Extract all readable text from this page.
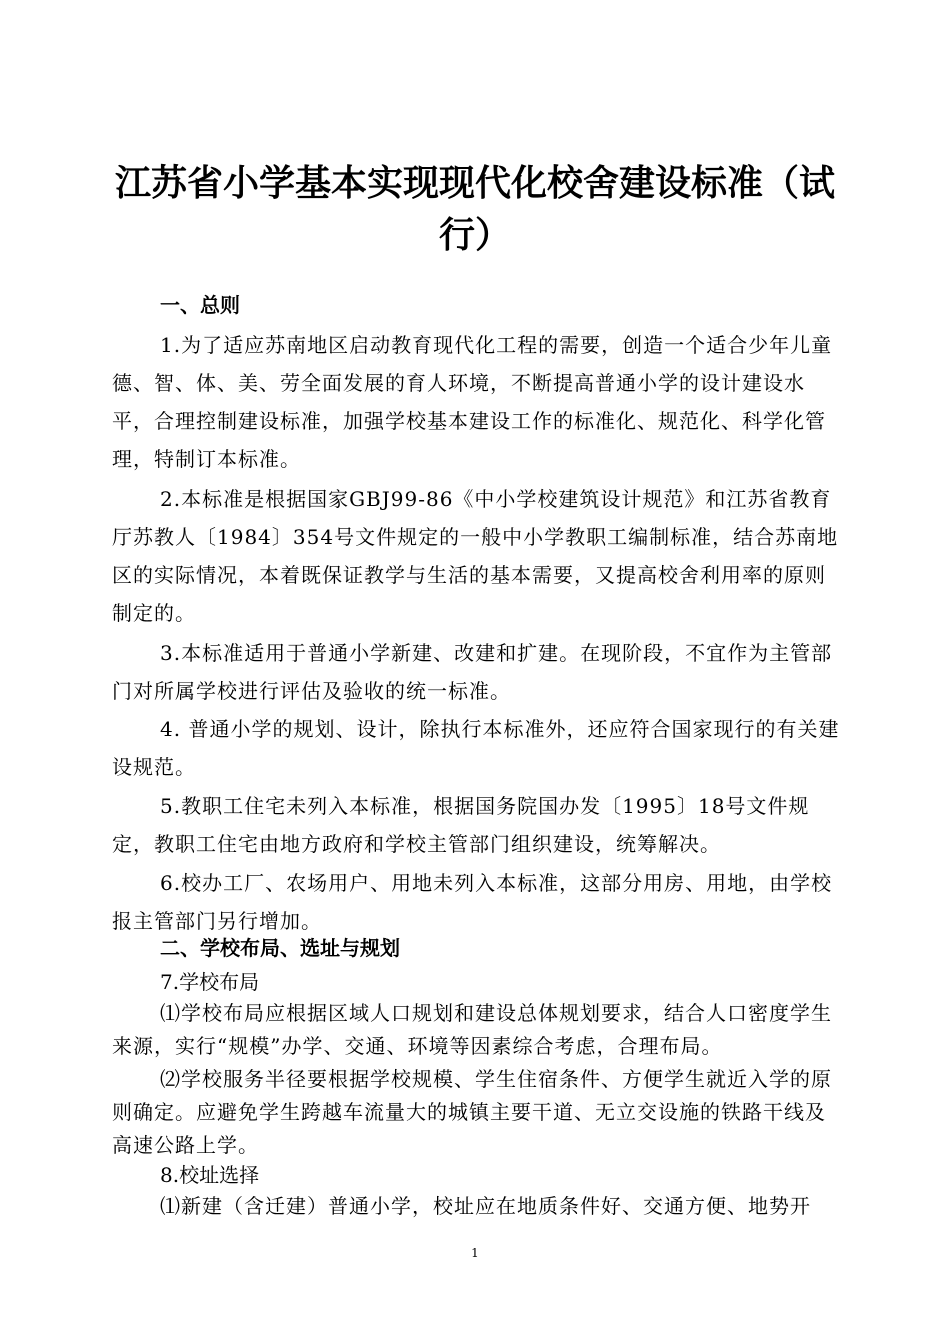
江苏省小学基本实现现代化校舍建设标准（试行）
一、总则

1.为了适应苏南地区启动教育现代化工程的需要，创造一个适合少年儿童德、智、体、美、劳全面发展的育人环境，不断提高普通小学的设计建设水平，合理控制建设标准，加强学校基本建设工作的标准化、规范化、科学化管理，特制订本标准。

2.本标准是根据国家GBJ99-86《中小学校建筑设计规范》和江苏省教育厅苏教人〔1984〕354号文件规定的一般中小学教职工编制标准，结合苏南地区的实际情况，本着既保证教学与生活的基本需要，又提高校舍利用率的原则制定的。

3.本标准适用于普通小学新建、改建和扩建。在现阶段，不宜作为主管部门对所属学校进行评估及验收的统一标准。

4. 普通小学的规划、设计，除执行本标准外，还应符合国家现行的有关建设规范。

5.教职工住宅未列入本标准，根据国务院国办发〔1995〕18号文件规定，教职工住宅由地方政府和学校主管部门组织建设，统筹解决。

6.校办工厂、农场用户、用地未列入本标准，这部分用房、用地，由学校报主管部门另行增加。

二、学校布局、选址与规划
7.学校布局

⑴学校布局应根据区域人口规划和建设总体规划要求，结合人口密度学生来源，实行“规模”办学、交通、环境等因素综合考虑，合理布局。

⑵学校服务半径要根据学校规模、学生住宿条件、方便学生就近入学的原则确定。应避免学生跨越车流量大的城镇主要干道、无立交设施的铁路干线及高速公路上学。

8.校址选择

⑴新建（含迁建）普通小学，校址应在地质条件好、交通方便、地势开

1
